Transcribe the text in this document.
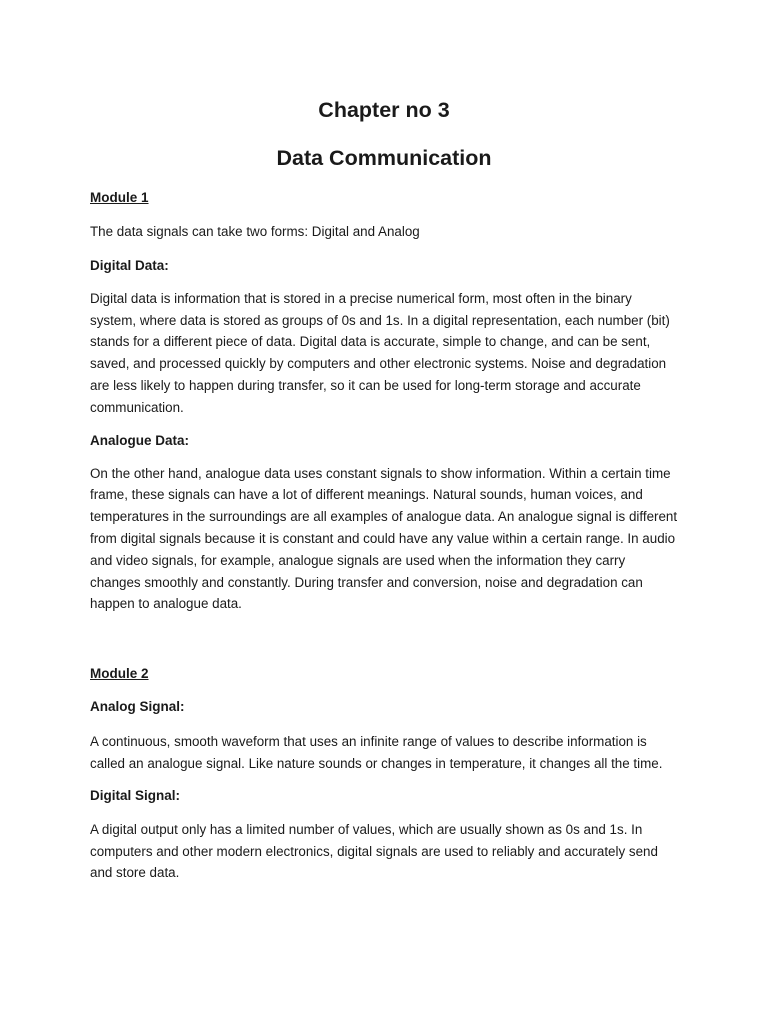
Chapter no 3
Data Communication

Module 1

The data signals can take two forms: Digital and Analog

Digital Data:

Digital data is information that is stored in a precise numerical form, most often in the binary system, where data is stored as groups of 0s and 1s. In a digital representation, each number (bit) stands for a different piece of data. Digital data is accurate, simple to change, and can be sent, saved, and processed quickly by computers and other electronic systems. Noise and degradation are less likely to happen during transfer, so it can be used for long-term storage and accurate communication.

Analogue Data:

On the other hand, analogue data uses constant signals to show information. Within a certain time frame, these signals can have a lot of different meanings. Natural sounds, human voices, and temperatures in the surroundings are all examples of analogue data. An analogue signal is different from digital signals because it is constant and could have any value within a certain range. In audio and video signals, for example, analogue signals are used when the information they carry changes smoothly and constantly. During transfer and conversion, noise and degradation can happen to analogue data.

Module 2

Analog Signal:

A continuous, smooth waveform that uses an infinite range of values to describe information is called an analogue signal. Like nature sounds or changes in temperature, it changes all the time.

Digital Signal:

A digital output only has a limited number of values, which are usually shown as 0s and 1s. In computers and other modern electronics, digital signals are used to reliably and accurately send and store data.
